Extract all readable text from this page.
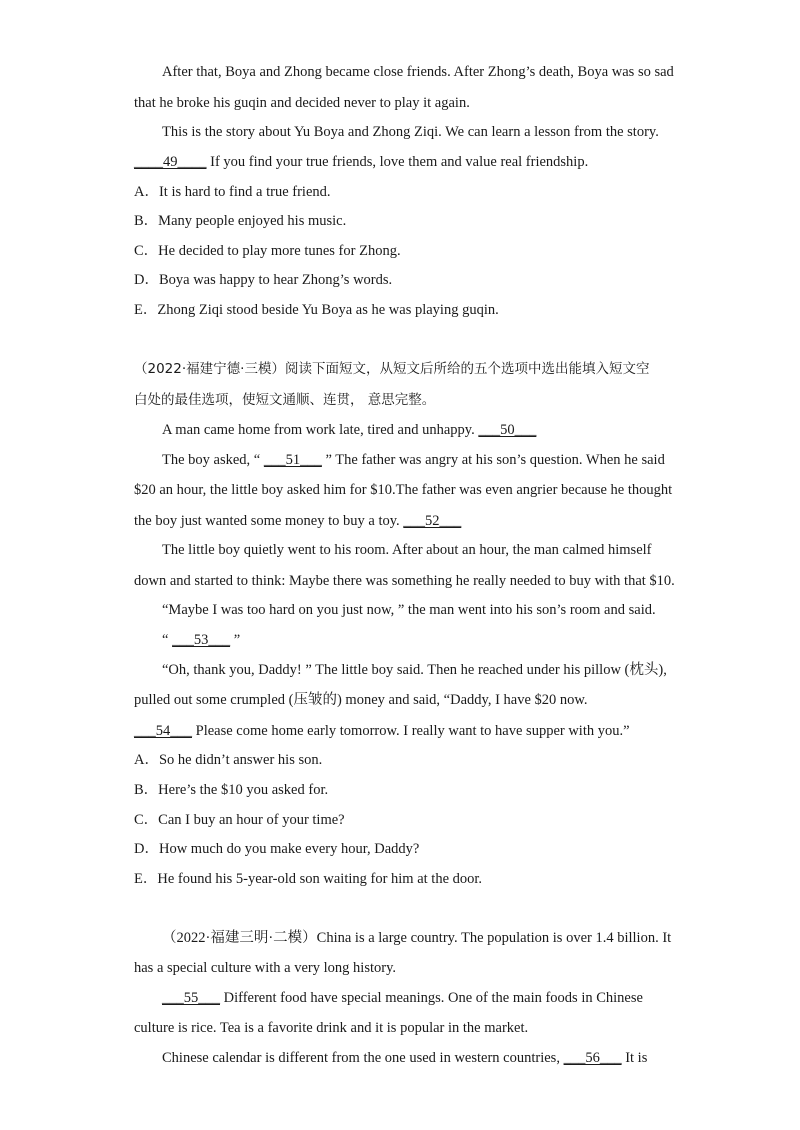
After that, Boya and Zhong became close friends. After Zhong’s death, Boya was so sad
that he broke his guqin and decided never to play it again.
This is the story about Yu Boya and Zhong Ziqi. We can learn a lesson from the story.
____49____ If you find your true friends, love them and value real friendship.
A．It is hard to find a true friend.
B．Many people enjoyed his music.
C．He decided to play more tunes for Zhong.
D．Boya was happy to hear Zhong’s words.
E．Zhong Ziqi stood beside Yu Boya as he was playing guqin.
（2022·福建宁德·三模）阅读下面短文，从短文后所给的五个选项中选出能填入短文空
白处的最佳选项，使短文通顺、连贯， 意思完整。
A man came home from work late, tired and unhappy. ___50___
The boy asked, “ ___51___ ” The father was angry at his son’s question. When he said
$20 an hour, the little boy asked him for $10.The father was even angrier because he thought
the boy just wanted some money to buy a toy. ___52___
The little boy quietly went to his room. After about an hour, the man calmed himself
down and started to think: Maybe there was something he really needed to buy with that $10.
“Maybe I was too hard on you just now, ” the man went into his son’s room and said.
“ ___53___ ”
“Oh, thank you, Daddy! ” The little boy said. Then he reached under his pillow (枕头),
pulled out some crumpled (压皱的) money and said, “Daddy, I have $20 now.
___54___ Please come home early tomorrow. I really want to have supper with you.”
A．So he didn’t answer his son.
B．Here’s the $10 you asked for.
C．Can I buy an hour of your time?
D．How much do you make every hour, Daddy?
E．He found his 5-year-old son waiting for him at the door.
（2022·福建三明·二模）China is a large country. The population is over 1.4 billion. It
has a special culture with a very long history.
___55___ Different food have special meanings. One of the main foods in Chinese
culture is rice. Tea is a favorite drink and it is popular in the market.
Chinese calendar is different from the one used in western countries, ___56___ It is
